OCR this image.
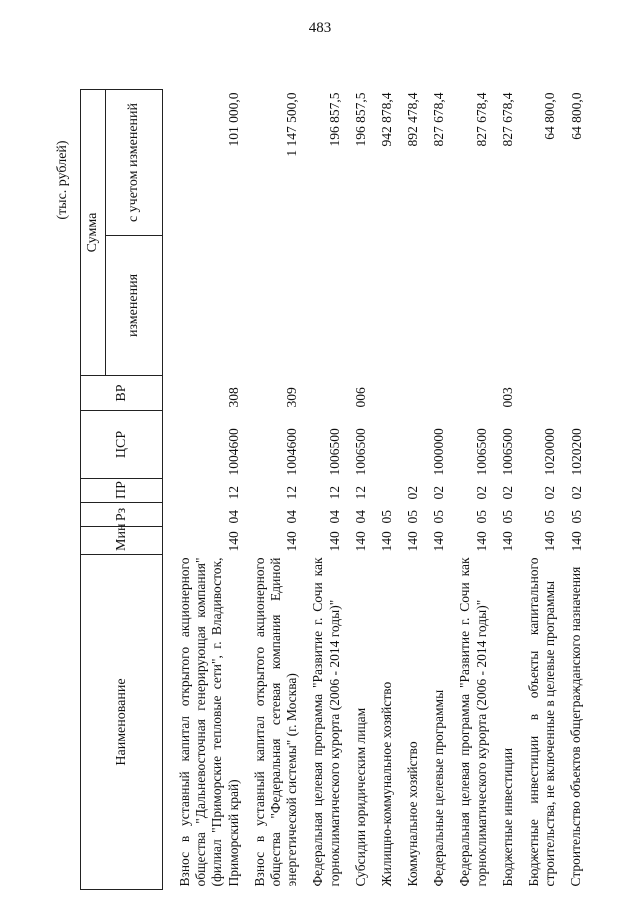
483
(тыс. рублей)
Наименование	Мин	Рз	ПР	ЦСР	ВР	Сумма	
						изменения	с учетом изменений
Взнос в уставный капитал открытого акционерного общества "Дальневосточная генерирующая компания" (филиал "Приморские тепловые сети", г. Владивосток, Приморский край)	140	04	12	1004600	308		101 000,0
Взнос в уставный капитал открытого акционерного общества "Федеральная сетевая компания Единой энергетической системы" (г. Москва)	140	04	12	1004600	309		1 147 500,0
Федеральная целевая программа "Развитие г. Сочи как горноклиматического курорта (2006 - 2014 годы)"	140	04	12	1006500			196 857,5
Субсидии юридическим лицам	140	04	12	1006500	006		196 857,5
Жилищно-коммунальное хозяйство	140	05					942 878,4
Коммунальное хозяйство	140	05	02				892 478,4
Федеральные целевые программы	140	05	02	1000000			827 678,4
Федеральная целевая программа "Развитие г. Сочи как горноклиматического курорта (2006 - 2014 годы)"	140	05	02	1006500			827 678,4
Бюджетные инвестиции	140	05	02	1006500	003		827 678,4
Бюджетные инвестиции в объекты капитального строительства, не включенные в целевые программы	140	05	02	1020000			64 800,0
Строительство объектов общегражданского назначения	140	05	02	1020200			64 800,0
